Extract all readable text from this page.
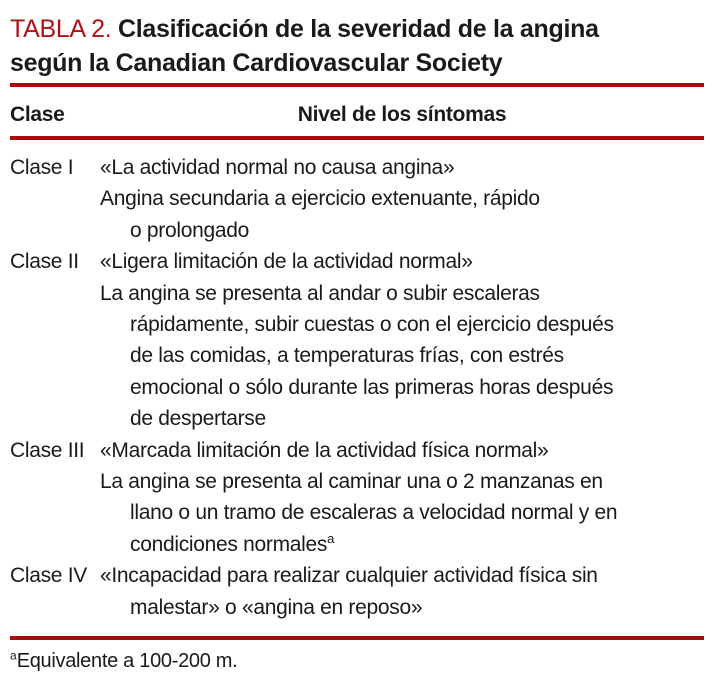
TABLA 2. Clasificación de la severidad de la angina
según la Canadian Cardiovascular Society
Clase	Nivel de los síntomas
Clase I	«La actividad normal no causa angina»
Angina secundaria a ejercicio extenuante, rápido
o prolongado
Clase II	«Ligera limitación de la actividad normal»
La angina se presenta al andar o subir escaleras
rápidamente, subir cuestas o con el ejercicio después
de las comidas, a temperaturas frías, con estrés
emocional o sólo durante las primeras horas después
de despertarse
Clase III «Marcada limitación de la actividad física normal»
La angina se presenta al caminar una o 2 manzanas en
llano o un tramo de escaleras a velocidad normal y en
condiciones normales$^a$
Clase IV «Incapacidad para realizar cualquier actividad física sin
malestar» o «angina en reposo»
$^a$Equivalente a 100-200 m.
